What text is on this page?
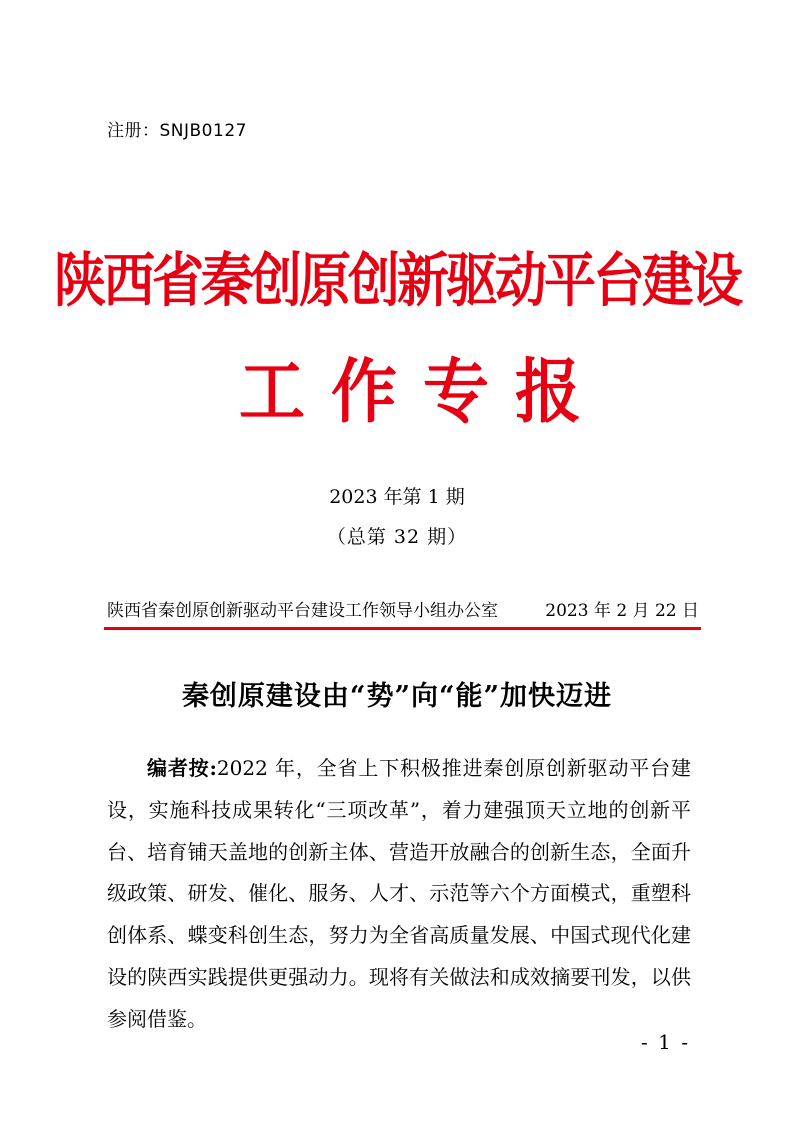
注册：SNJB0127
陕西省秦创原创新驱动平台建设
工作专报
2023 年第 1 期
（总第 32 期）
陕西省秦创原创新驱动平台建设工作领导小组办公室	2023 年 2 月 22 日
秦创原建设由“势”向“能”加快迈进
编者按:2022 年，全省上下积极推进秦创原创新驱动平台建设，实施科技成果转化“三项改革”，着力建强顶天立地的创新平台、培育铺天盖地的创新主体、营造开放融合的创新生态，全面升级政策、研发、催化、服务、人才、示范等六个方面模式，重塑科创体系、蝶变科创生态，努力为全省高质量发展、中国式现代化建设的陕西实践提供更强动力。现将有关做法和成效摘要刊发，以供参阅借鉴。
- 1 -
